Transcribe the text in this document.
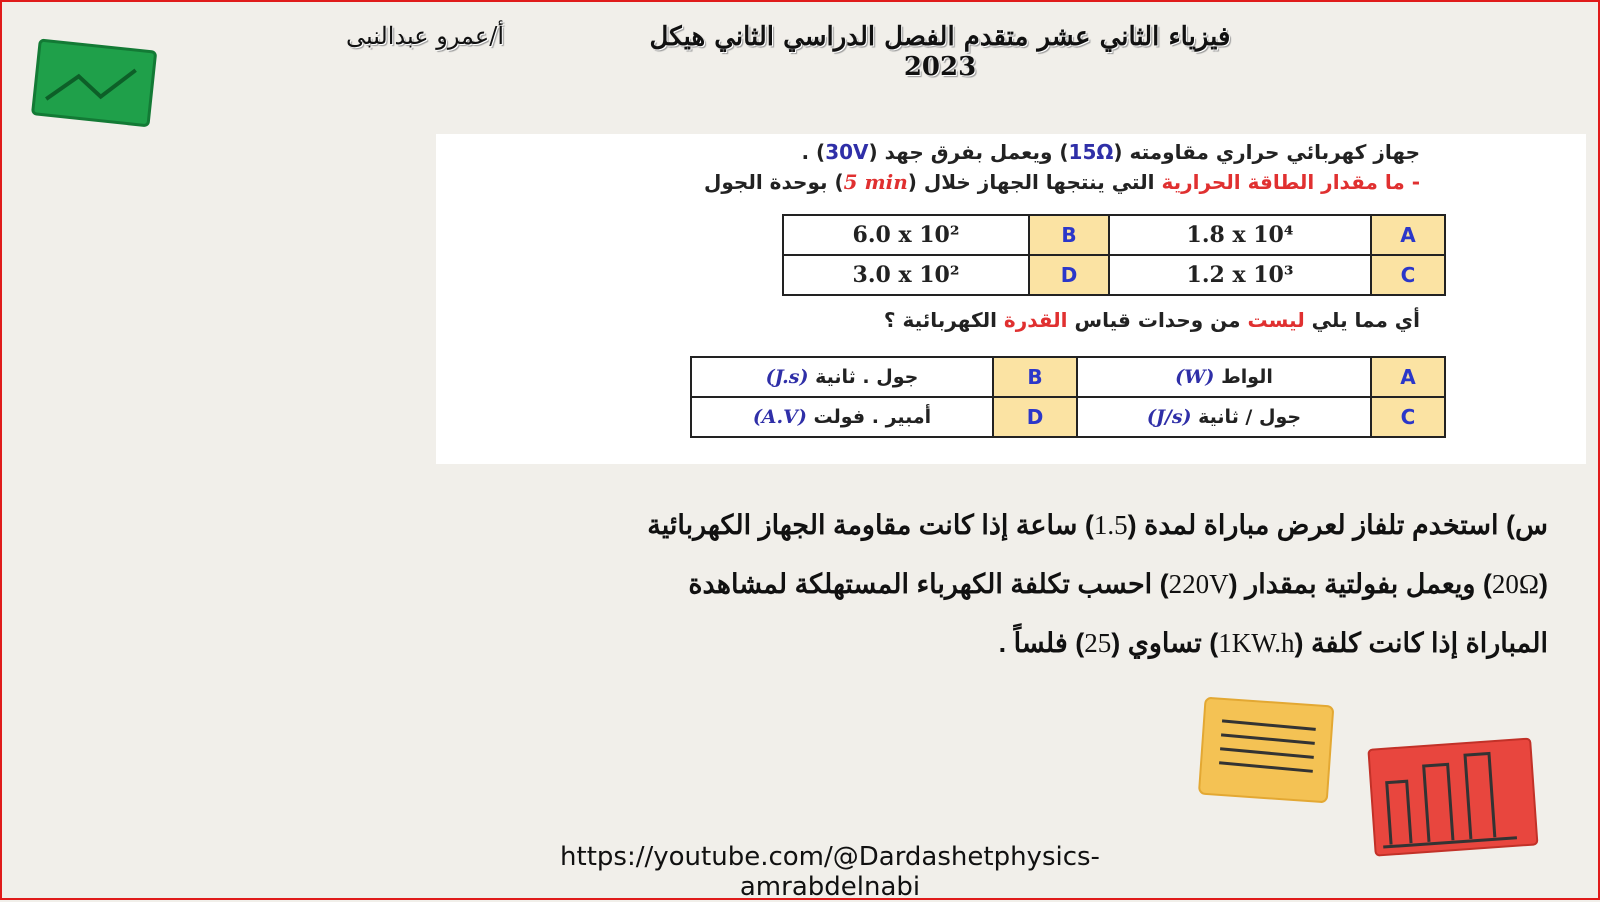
فيزياء الثاني عشر متقدم الفصل الدراسي الثاني هيكل 2023
أ/عمرو عبدالنبى
جهاز كهربائي حراري مقاومته (15Ω) ويعمل بفرق جهد (30V) .
- ما مقدار الطاقة الحرارية التي ينتجها الجهاز خلال (5 min) بوحدة الجول
A	1.8 x 10⁴	B	6.0 x 10²
C	1.2 x 10³	D	3.0 x 10²
أي مما يلي ليست من وحدات قياس القدرة الكهربائية ؟
A	الواط (W)	B	جول . ثانية (J.s)
C	جول / ثانية (J/s)	D	أمبير . فولت (A.V)
س) استخدم تلفاز لعرض مباراة لمدة (1.5) ساعة إذا كانت مقاومة الجهاز الكهربائية (20Ω) ويعمل بفولتية بمقدار (220V) احسب تكلفة الكهرباء المستهلكة لمشاهدة المباراة إذا كانت كلفة (1KW.h) تساوي (25) فلساً .
https://youtube.com/@Dardashetphysics-amrabdelnabi
